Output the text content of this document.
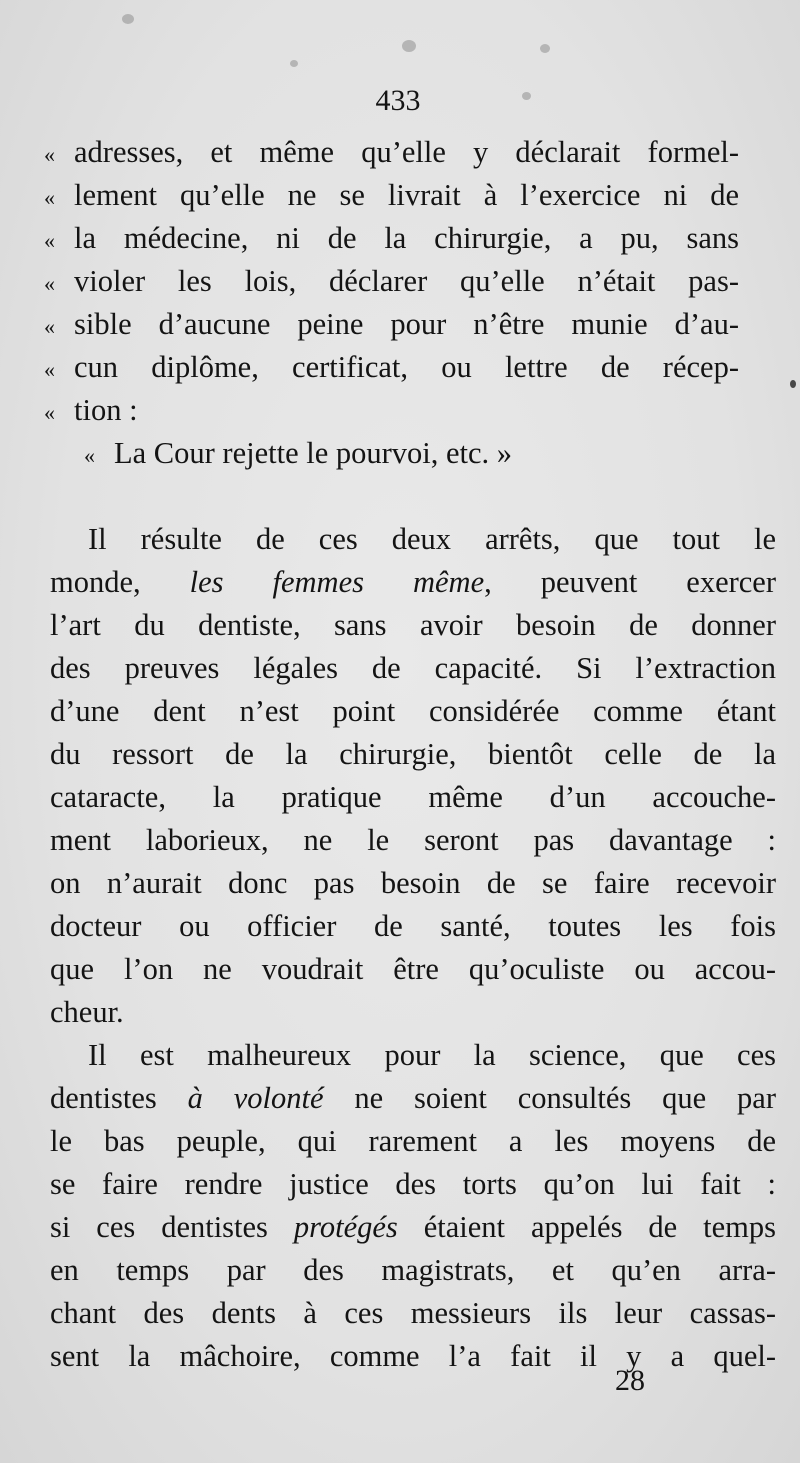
433
« adresses, et même qu’elle y déclarait formel-
« lement qu’elle ne se livrait à l’exercice ni de
« la médecine, ni de la chirurgie, a pu, sans
« violer les lois, déclarer qu’elle n’était pas-
« sible d’aucune peine pour n’être munie d’au-
« cun diplôme, certificat, ou lettre de récep-
« tion :
« La Cour rejette le pourvoi, etc. »
Il résulte de ces deux arrêts, que tout le
monde, les femmes même, peuvent exercer
l’art du dentiste, sans avoir besoin de donner
des preuves légales de capacité. Si l’extraction
d’une dent n’est point considérée comme étant
du ressort de la chirurgie, bientôt celle de la
cataracte, la pratique même d’un accouche-
ment laborieux, ne le seront pas davantage :
on n’aurait donc pas besoin de se faire recevoir
docteur ou officier de santé, toutes les fois
que l’on ne voudrait être qu’oculiste ou accou-
cheur.
Il est malheureux pour la science, que ces
dentistes à volonté ne soient consultés que par
le bas peuple, qui rarement a les moyens de
se faire rendre justice des torts qu’on lui fait :
si ces dentistes protégés étaient appelés de temps
en temps par des magistrats, et qu’en arra-
chant des dents à ces messieurs ils leur cassas-
sent la mâchoire, comme l’a fait il y a quel-
28
